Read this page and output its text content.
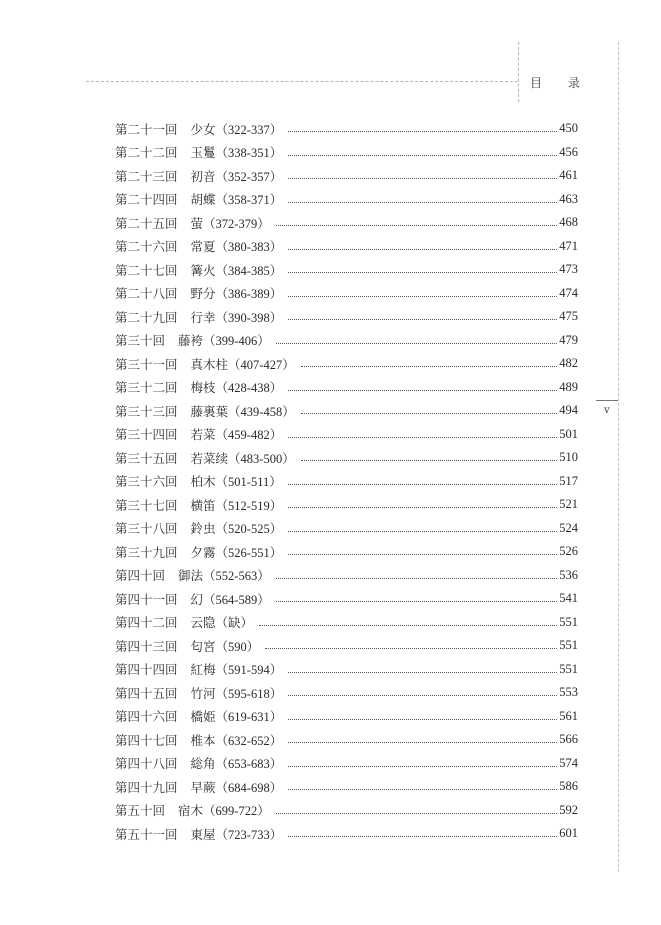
目录
v
第二十一回 少女 （322-337）	450
第二十二回 玉鬘 （338-351）	456
第二十三回 初音 （352-357）	461
第二十四回 胡蝶 （358-371）	463
第二十五回 萤 （372-379）	468
第二十六回 常夏 （380-383）	471
第二十七回 篝火 （384-385）	473
第二十八回 野分 （386-389）	474
第二十九回 行幸 （390-398）	475
第三十回 藤袴 （399-406）	479
第三十一回 真木柱 （407-427）	482
第三十二回 梅枝 （428-438）	489
第三十三回 藤裏葉 （439-458）	494
第三十四回 若菜 （459-482）	501
第三十五回 若菜续 （483-500）	510
第三十六回 柏木 （501-511）	517
第三十七回 横笛 （512-519）	521
第三十八回 鈴虫 （520-525）	524
第三十九回 夕霧 （526-551）	526
第四十回 御法 （552-563）	536
第四十一回 幻 （564-589）	541
第四十二回 云隐 （缺）	551
第四十三回 匂宮 （590）	551
第四十四回 紅梅 （591-594）	551
第四十五回 竹河 （595-618）	553
第四十六回 橋姫 （619-631）	561
第四十七回 椎本 （632-652）	566
第四十八回 総角 （653-683）	574
第四十九回 早蕨 （684-698）	586
第五十回 宿木 （699-722）	592
第五十一回 東屋 （723-733）	601
